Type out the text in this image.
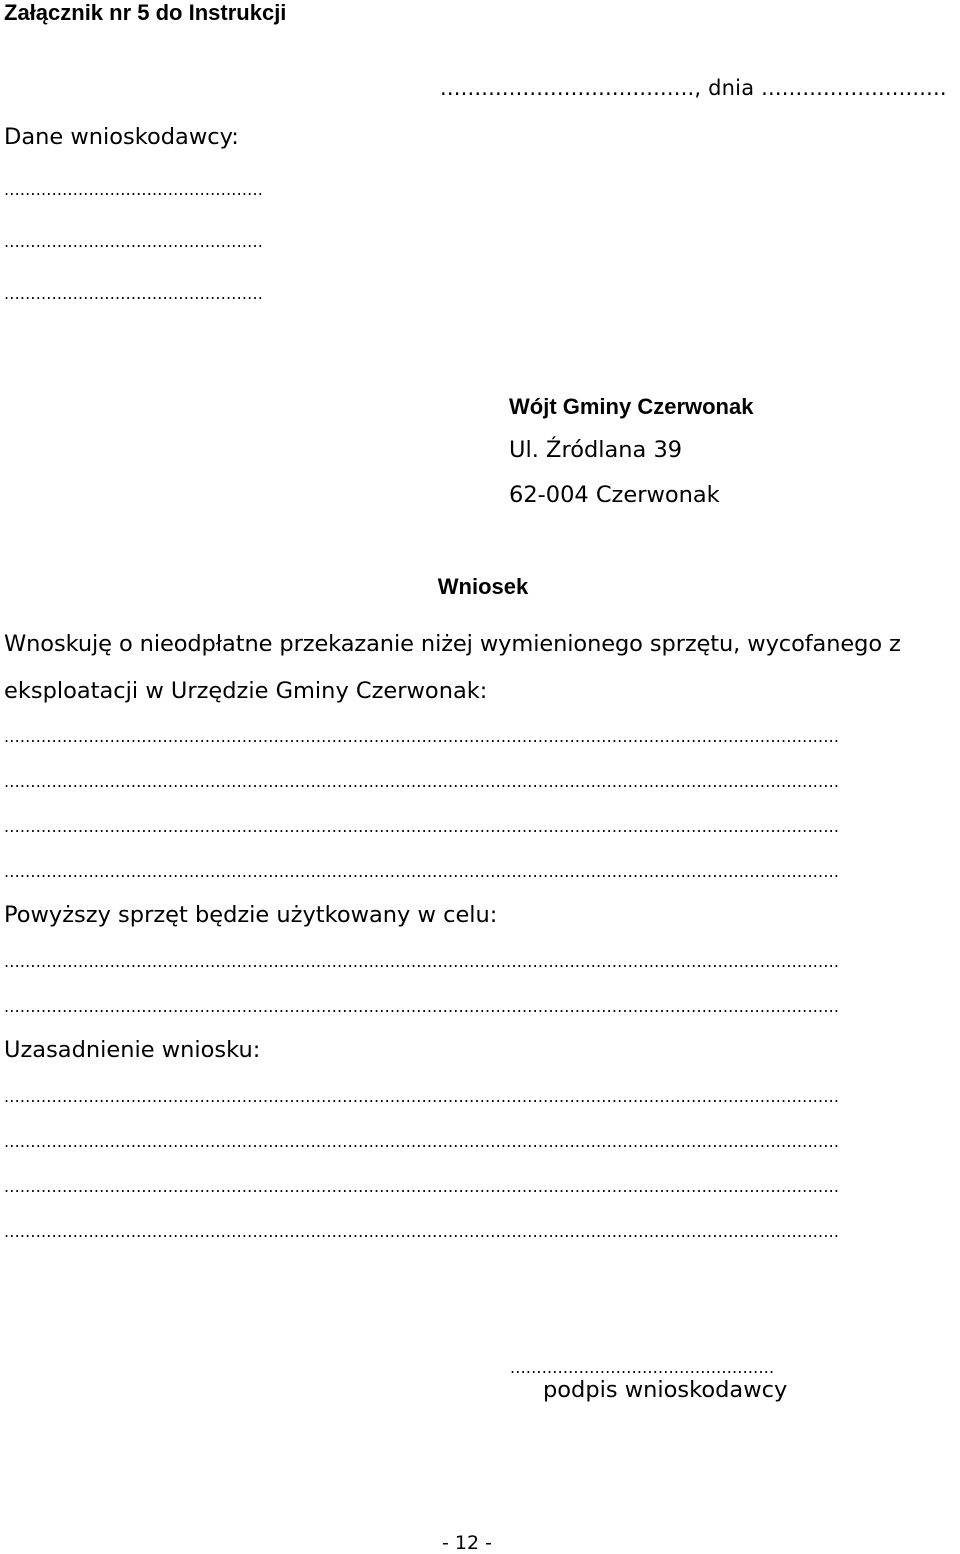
Załącznik nr 5 do Instrukcji
....................................., dnia ...........................
Dane wnioskodawcy:
.................................................
.................................................
.................................................
Wójt Gminy Czerwonak
Ul. Źródlana 39
62-004 Czerwonak
Wniosek
Wnoskuję o nieodpłatne przekazanie niżej wymienionego sprzętu, wycofanego z
eksploatacji w Urzędzie Gminy Czerwonak:
..............................................................................................................................................................
..............................................................................................................................................................
..............................................................................................................................................................
..............................................................................................................................................................
Powyższy sprzęt będzie użytkowany w celu:
..............................................................................................................................................................
..............................................................................................................................................................
Uzasadnienie wniosku:
..............................................................................................................................................................
..............................................................................................................................................................
..............................................................................................................................................................
..............................................................................................................................................................
..................................................
podpis wnioskodawcy
- 12 -
